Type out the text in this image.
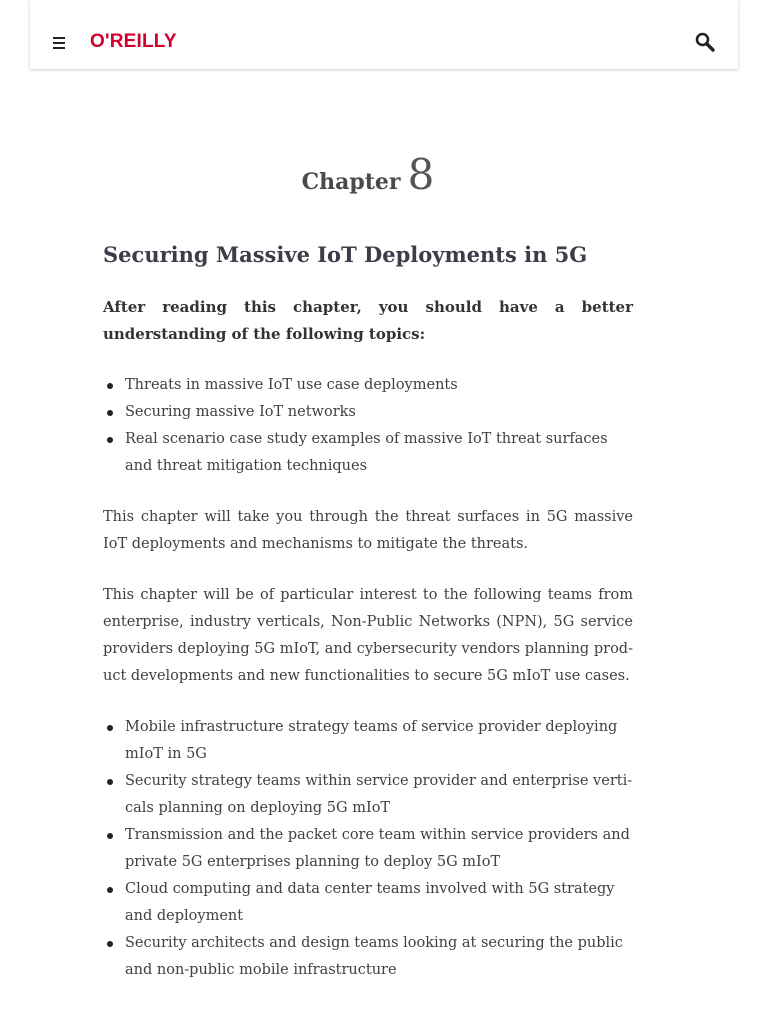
O'REILLY
Chapter 8
Securing Massive IoT Deployments in 5G

After reading this chapter, you should have a better understanding of the following topics:

Threats in massive IoT use case deployments
Securing massive IoT networks
Real scenario case study examples of massive IoT threat surfaces and threat mitigation techniques

This chapter will take you through the threat surfaces in 5G massive IoT deployments and mechanisms to mitigate the threats.

This chapter will be of particular interest to the following teams from enterprise, industry verticals, Non-Public Networks (NPN), 5G service providers deploying 5G mIoT, and cybersecurity vendors planning product developments and new functionalities to secure 5G mIoT use cases.

Mobile infrastructure strategy teams of service provider deploying mIoT in 5G
Security strategy teams within service provider and enterprise verticals planning on deploying 5G mIoT
Transmission and the packet core team within service providers and private 5G enterprises planning to deploy 5G mIoT
Cloud computing and data center teams involved with 5G strategy and deployment
Security architects and design teams looking at securing the public and non-public mobile infrastructure
